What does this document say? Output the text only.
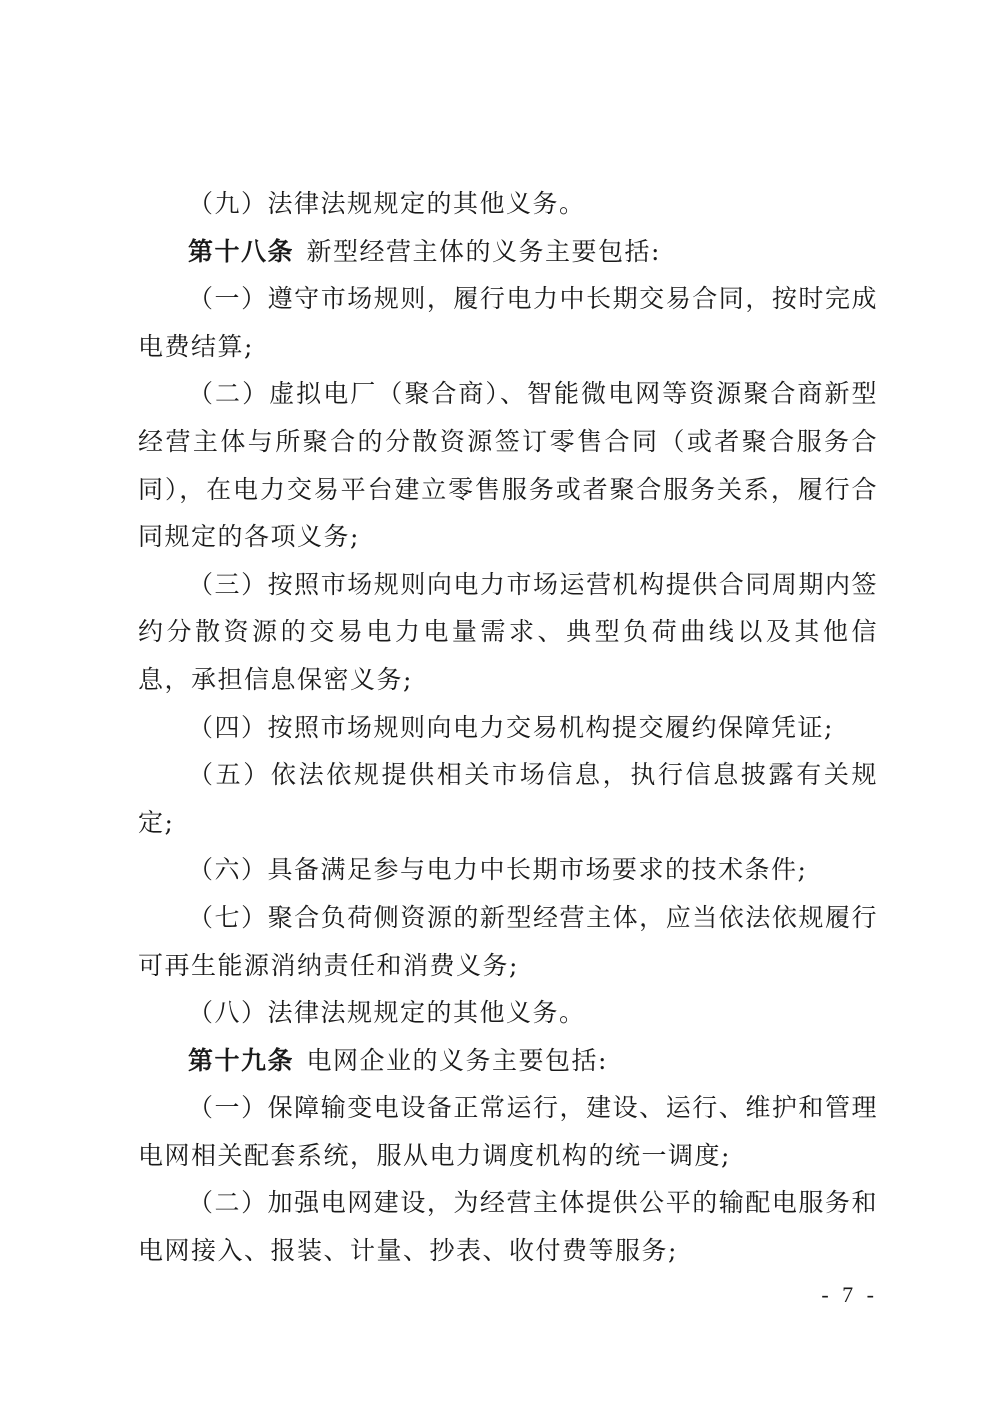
（九）法律法规规定的其他义务。

第十八条 新型经营主体的义务主要包括:

（一）遵守市场规则，履行电力中长期交易合同，按时完成电费结算;

（二）虚拟电厂（聚合商）、智能微电网等资源聚合商新型经营主体与所聚合的分散资源签订零售合同（或者聚合服务合同），在电力交易平台建立零售服务或者聚合服务关系，履行合同规定的各项义务;

（三）按照市场规则向电力市场运营机构提供合同周期内签约分散资源的交易电力电量需求、典型负荷曲线以及其他信息，承担信息保密义务;

（四）按照市场规则向电力交易机构提交履约保障凭证;

（五）依法依规提供相关市场信息，执行信息披露有关规定;

（六）具备满足参与电力中长期市场要求的技术条件;

（七）聚合负荷侧资源的新型经营主体，应当依法依规履行可再生能源消纳责任和消费义务;

（八）法律法规规定的其他义务。

第十九条 电网企业的义务主要包括:

（一）保障输变电设备正常运行，建设、运行、维护和管理电网相关配套系统，服从电力调度机构的统一调度;

（二）加强电网建设，为经营主体提供公平的输配电服务和电网接入、报装、计量、抄表、收付费等服务;

- 7 -
